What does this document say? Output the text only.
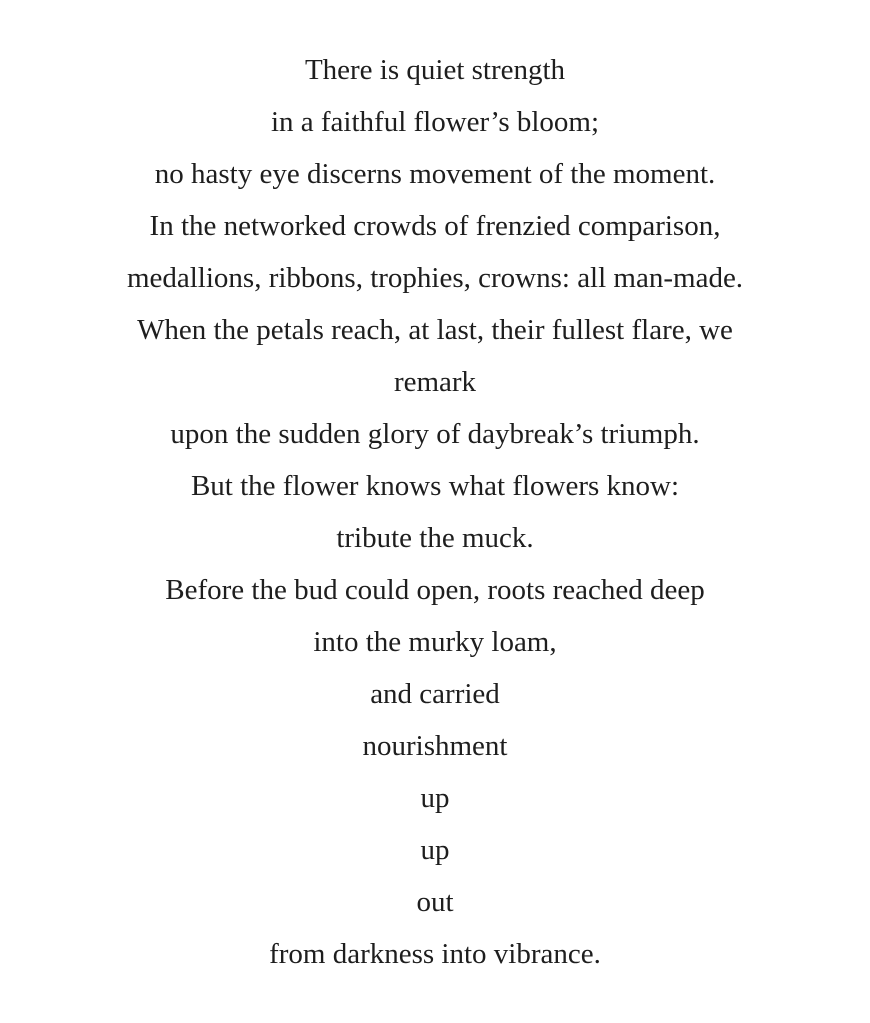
There is quiet strength
in a faithful flower’s bloom;
no hasty eye discerns movement of the moment.
In the networked crowds of frenzied comparison,
medallions, ribbons, trophies, crowns: all man-made.
When the petals reach, at last, their fullest flare, we
remark
upon the sudden glory of daybreak’s triumph.
But the flower knows what flowers know:
tribute the muck.
Before the bud could open, roots reached deep
into the murky loam,
and carried
nourishment
up
up
out
from darkness into vibrance.
